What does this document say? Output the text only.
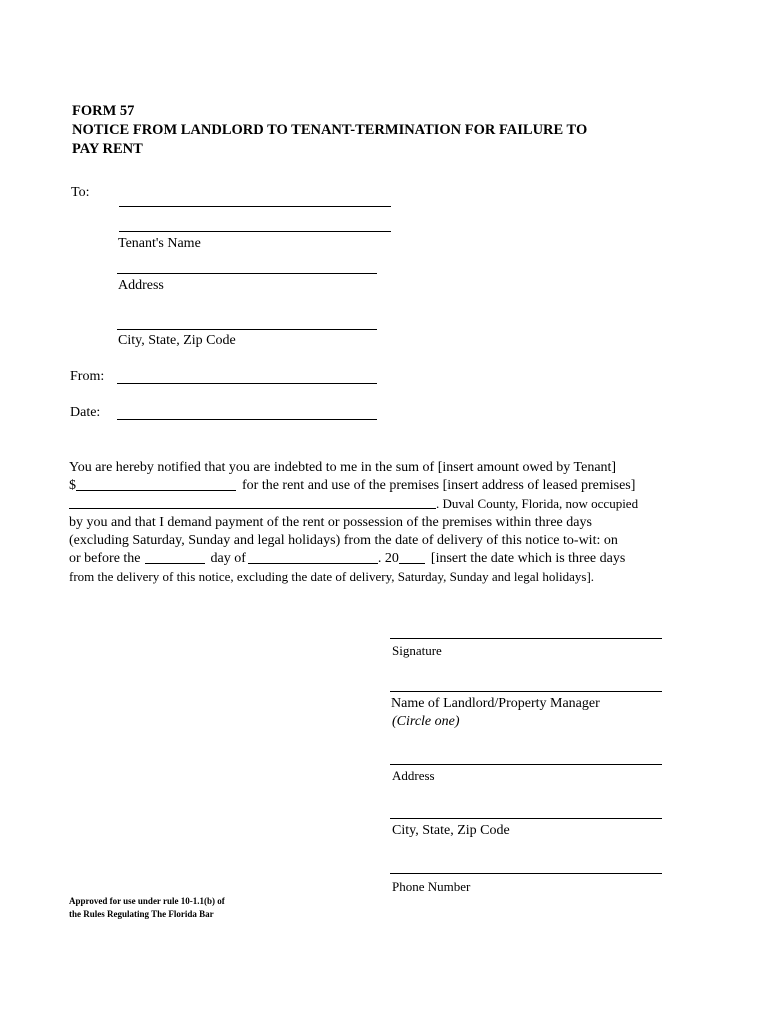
FORM 57
NOTICE FROM LANDLORD TO TENANT-TERMINATION FOR FAILURE TO
PAY RENT
To:
Tenant's Name
Address
City, State, Zip Code
From:
Date:
You are hereby notified that you are indebted to me in the sum of [insert amount owed by Tenant]
$	for the rent and use of the premises [insert address of leased premises]
. Duval County, Florida, now occupied
by you and that I demand payment of the rent or possession of the premises within three days
(excluding Saturday, Sunday and legal holidays) from the date of delivery of this notice to-wit: on
or before the	day of	. 20 [insert the date which is three days
from the delivery of this notice, excluding the date of delivery, Saturday, Sunday and legal holidays].
Signature
Name of Landlord/Property Manager
(Circle one)
Address
City, State, Zip Code
Phone Number
Approved for use under rule 10-1.1(b) of
the Rules Regulating The Florida Bar
